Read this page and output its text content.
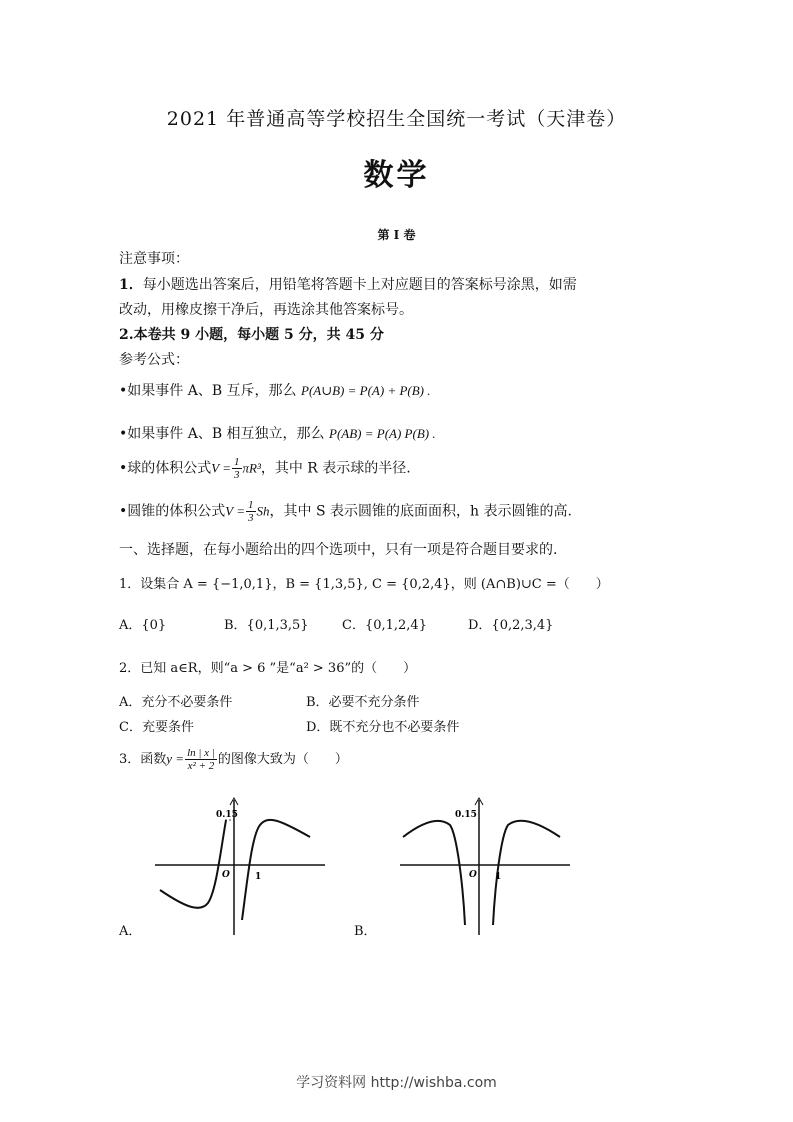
2021 年普通高等学校招生全国统一考试（天津卷）
数学
第 I 卷
注意事项：
1．每小题选出答案后，用铅笔将答题卡上对应题目的答案标号涂黑，如需
改动，用橡皮擦干净后，再选涂其他答案标号。
2.本卷共 9 小题，每小题 5 分，共 45 分
参考公式：
•如果事件 A、B 互斥，那么 P(A∪B) = P(A) + P(B) .
•如果事件 A、B 相互独立，那么 P(AB) = P(A) P(B) .
•球的体积公式$V = \frac{1}{3} \pi R^3$，其中 R 表示球的半径.
•圆锥的体积公式$V = \frac{1}{3}$ Sh，其中 S 表示圆锥的底面面积，h 表示圆锥的高.
一、选择题，在每小题给出的四个选项中，只有一项是符合题目要求的.
1．设集合 A = {−1,0,1}，B = {1,3,5}, C = {0,2,4}，则 (A∩B)∪C =（　　）
A．{0}	B．{0,1,3,5}	C．{0,1,2,4}	D．{0,2,3,4}
2．已知 a∈R，则“a > 6 ”是“a² > 36”的（　　）
A．充分不必要条件	B．必要不充分条件
C．充要条件	D．既不充分也不必要条件
3．函数$y = \frac{\ln | x |}{\text{x² + 2}}$ 的图像大致为（　　）
0.15
O	1
A．
0.15
O 1
B．
学习资料网 http://wishba.com
